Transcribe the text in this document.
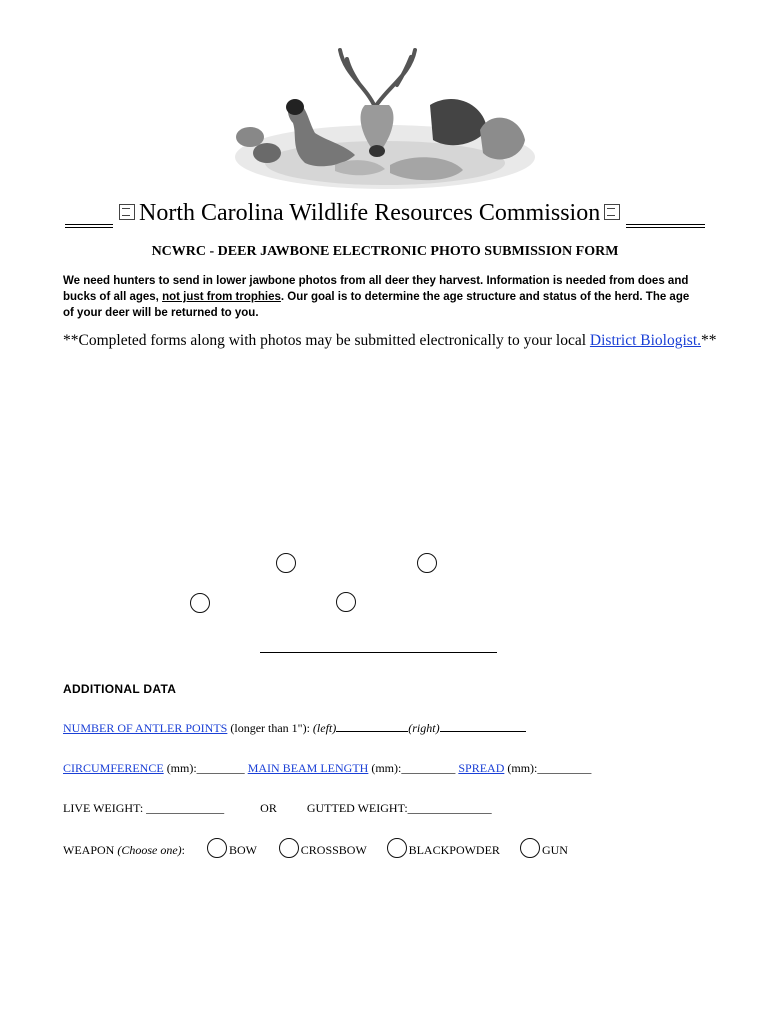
North Carolina Wildlife Resources Commission
NCWRC - DEER JAWBONE ELECTRONIC PHOTO SUBMISSION FORM
We need hunters to send in lower jawbone photos from all deer they harvest. Information is needed from does and bucks of all ages, not just from trophies. Our goal is to determine the age structure and status of the herd. The age of your deer will be returned to you.
**Completed forms along with photos may be submitted electronically to your local District Biologist.**
ADDITIONAL DATA
NUMBER OF ANTLER POINTS (longer than 1"): (left)	(right)
CIRCUMFERENCE (mm):________ MAIN BEAM LENGTH (mm):_________ SPREAD (mm):_________
LIVE WEIGHT: _____________	OR	GUTTED WEIGHT:______________
WEAPON (Choose one):	BOW	CROSSBOW	BLACKPOWDER	GUN
